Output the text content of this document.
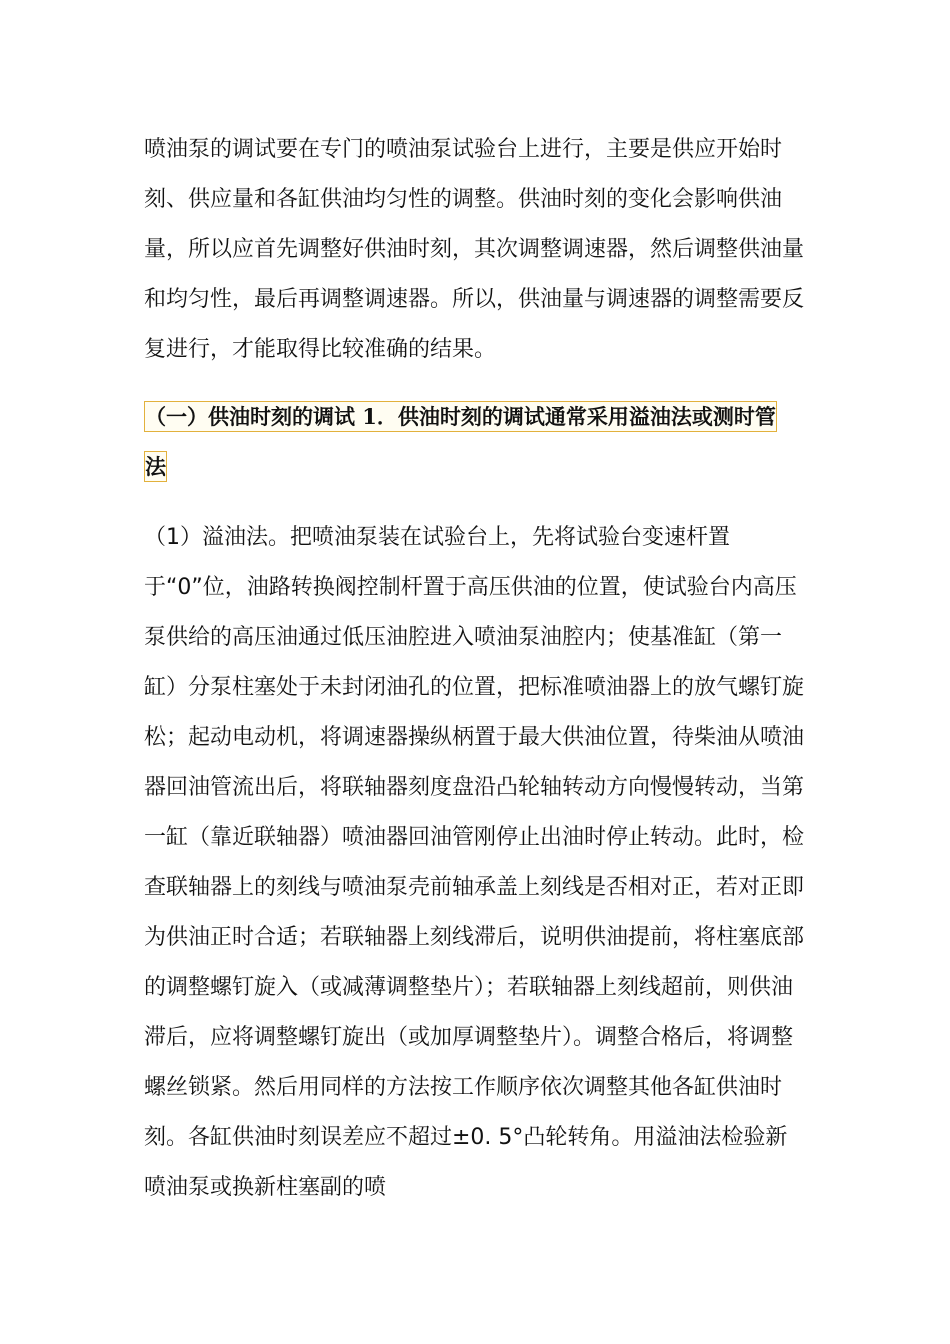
喷油泵的调试要在专门的喷油泵试验台上进行，主要是供应开始时刻、供应量和各缸供油均匀性的调整。供油时刻的变化会影响供油量，所以应首先调整好供油时刻，其次调整调速器，然后调整供油量和均匀性，最后再调整调速器。所以，供油量与调速器的调整需要反复进行，才能取得比较准确的结果。

（一）供油时刻的调试 1．供油时刻的调试通常采用溢油法或测时管法

（1）溢油法。把喷油泵装在试验台上，先将试验台变速杆置于“0”位，油路转换阀控制杆置于高压供油的位置，使试验台内高压泵供给的高压油通过低压油腔进入喷油泵油腔内；使基准缸（第一缸）分泵柱塞处于未封闭油孔的位置，把标准喷油器上的放气螺钉旋松；起动电动机，将调速器操纵柄置于最大供油位置，待柴油从喷油器回油管流出后，将联轴器刻度盘沿凸轮轴转动方向慢慢转动，当第一缸（靠近联轴器）喷油器回油管刚停止出油时停止转动。此时，检查联轴器上的刻线与喷油泵壳前轴承盖上刻线是否相对正，若对正即为供油正时合适；若联轴器上刻线滞后，说明供油提前，将柱塞底部的调整螺钉旋入（或减薄调整垫片）；若联轴器上刻线超前，则供油滞后，应将调整螺钉旋出（或加厚调整垫片）。调整合格后，将调整螺丝锁紧。然后用同样的方法按工作顺序依次调整其他各缸供油时刻。各缸供油时刻误差应不超过±0. 5°凸轮转角。用溢油法检验新喷油泵或换新柱塞副的喷
